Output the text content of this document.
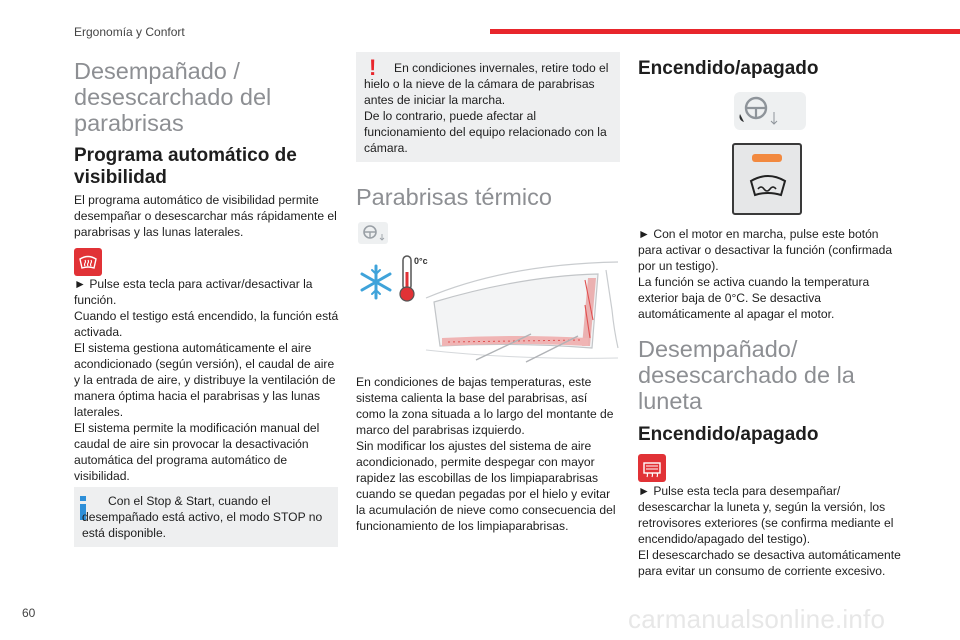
Ergonomía y Confort
Desempañado / desescarchado del parabrisas
Programa automático de visibilidad
El programa automático de visibilidad permite desempañar o desescarchar más rápidamente el parabrisas y las lunas laterales.
► Pulse esta tecla para activar/desactivar la función.
Cuando el testigo está encendido, la función está activada.
El sistema gestiona automáticamente el aire acondicionado (según versión), el caudal de aire y la entrada de aire, y distribuye la ventilación de manera óptima hacia el parabrisas y las lunas laterales.
El sistema permite la modificación manual del caudal de aire sin provocar la desactivación automática del programa automático de visibilidad.
Con el Stop & Start, cuando el desempañado está activo, el modo STOP no está disponible.
!	En condiciones invernales, retire todo el hielo o la nieve de la cámara de parabrisas antes de iniciar la marcha.
De lo contrario, puede afectar al funcionamiento del equipo relacionado con la cámara.
Parabrisas térmico
0°c
En condiciones de bajas temperaturas, este sistema calienta la base del parabrisas, así como la zona situada a lo largo del montante de marco del parabrisas izquierdo.
Sin modificar los ajustes del sistema de aire acondicionado, permite despegar con mayor rapidez las escobillas de los limpiaparabrisas cuando se quedan pegadas por el hielo y evitar la acumulación de nieve como consecuencia del funcionamiento de los limpiaparabrisas.
Encendido/apagado
► Con el motor en marcha, pulse este botón para activar o desactivar la función (confirmada por un testigo).
La función se activa cuando la temperatura exterior baja de 0°C. Se desactiva automáticamente al apagar el motor.
Desempañado/ desescarchado de la luneta
Encendido/apagado
► Pulse esta tecla para desempañar/ desescarchar la luneta y, según la versión, los retrovisores exteriores (se confirma mediante el encendido/apagado del testigo).
El desescarchado se desactiva automáticamente para evitar un consumo de corriente excesivo.
60	carmanualsonline.info
